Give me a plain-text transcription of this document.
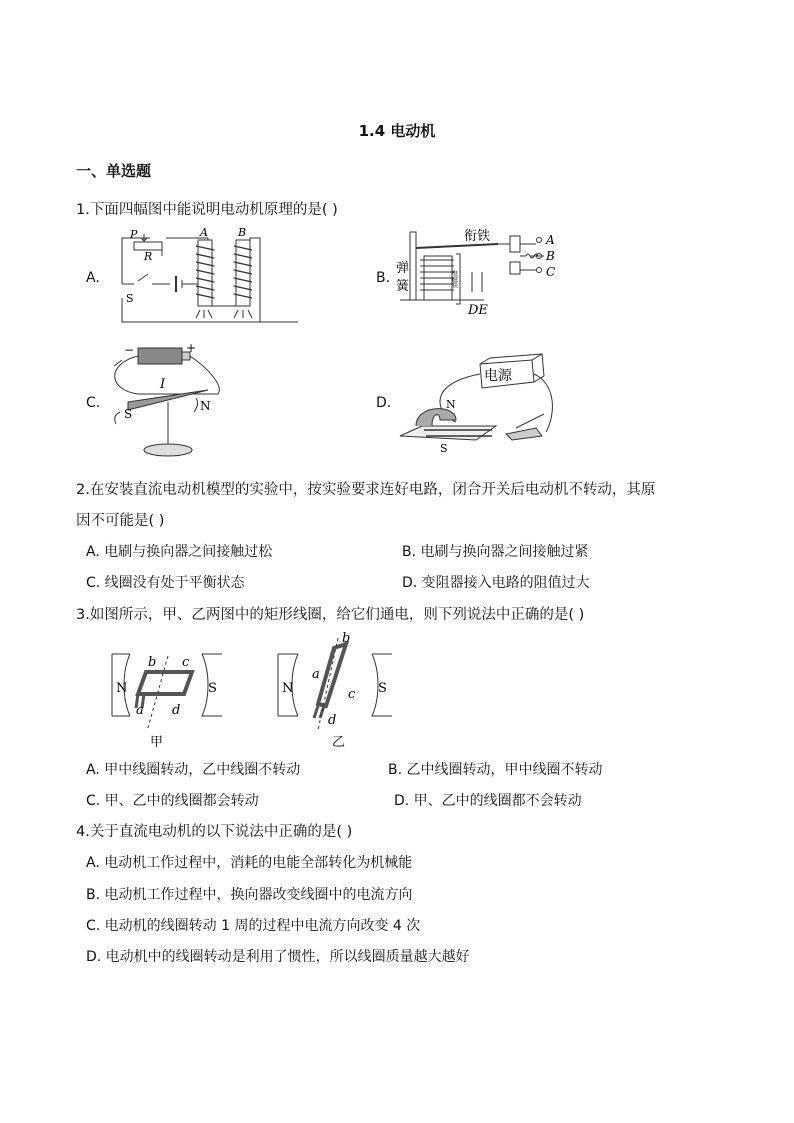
1.4 电动机
一、单选题
1.下面四幅图中能说明电动机原理的是( )
A.
P
R
A	B
S
B.
衔铁	A
B
C
弹
簧	电磁铁
DE
C.
−	+
I
S
N	D.
电源
N
S
2.在安装直流电动机模型的实验中，按实验要求连好电路，闭合开关后电动机不转动，其原
因不可能是( )
A. 电刷与换向器之间接触过松	B. 电刷与换向器之间接触过紧
C. 线圈没有处于平衡状态	D. 变阻器接入电路的阻值过大
3.如图所示，甲、乙两图中的矩形线圈，给它们通电，则下列说法中正确的是( )
N	S
b c
a d
甲
N	S
b
a
c
d
乙
A. 甲中线圈转动，乙中线圈不转动	B. 乙中线圈转动，甲中线圈不转动
C. 甲、乙中的线圈都会转动	D. 甲、乙中的线圈都不会转动
4.关于直流电动机的以下说法中正确的是( )
A. 电动机工作过程中，消耗的电能全部转化为机械能
B. 电动机工作过程中，换向器改变线圈中的电流方向
C. 电动机的线圈转动 1 周的过程中电流方向改变 4 次
D. 电动机中的线圈转动是利用了惯性，所以线圈质量越大越好
